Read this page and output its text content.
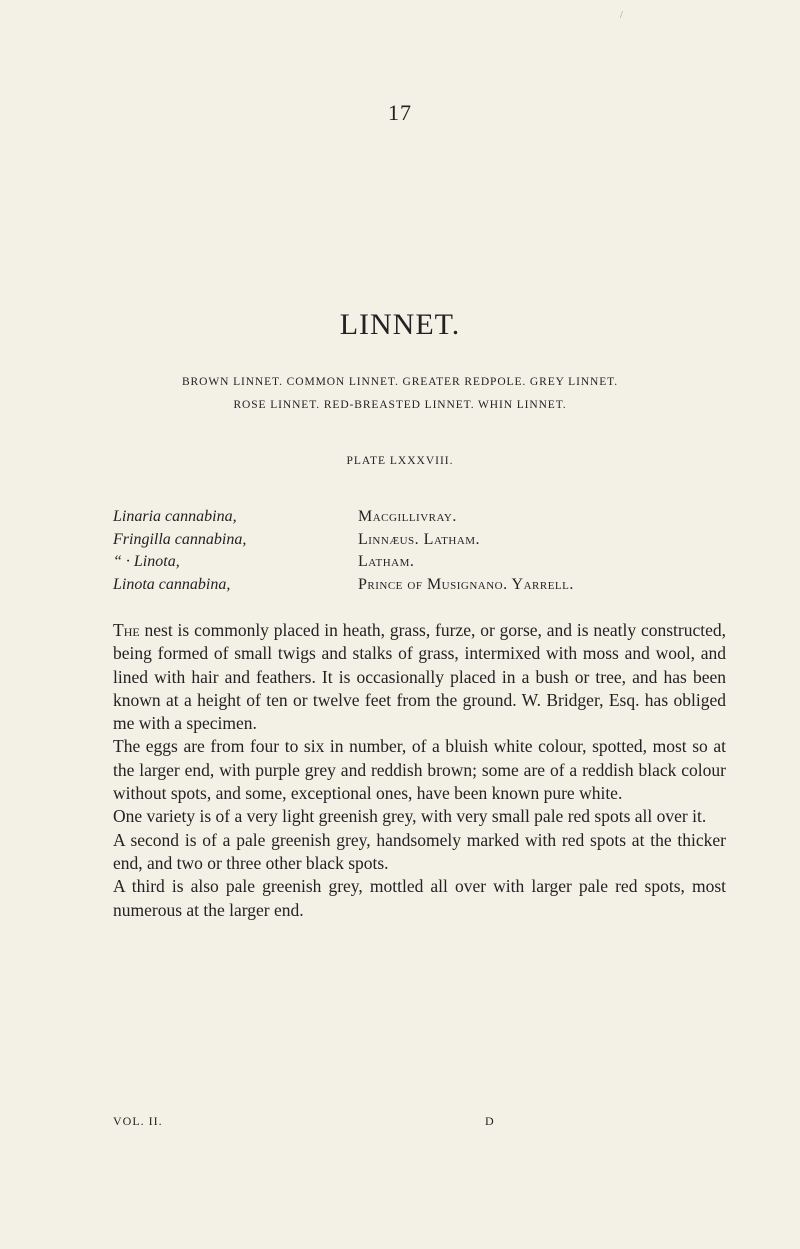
/
17
LINNET.
BROWN LINNET. COMMON LINNET. GREATER REDPOLE. GREY LINNET.
ROSE LINNET. RED-BREASTED LINNET. WHIN LINNET.
PLATE LXXXVIII.
Linaria cannabina,	Macgillivray.
Fringilla cannabina,	Linnæus. Latham.
“ · Linota,	Latham.
Linota cannabina,	Prince of Musignano. Yarrell.

The nest is commonly placed in heath, grass, furze, or gorse, and is neatly constructed, being formed of small twigs and stalks of grass, intermixed with moss and wool, and lined with hair and feathers. It is occasionally placed in a bush or tree, and has been known at a height of ten or twelve feet from the ground. W. Bridger, Esq. has obliged me with a specimen.

The eggs are from four to six in number, of a bluish white colour, spotted, most so at the larger end, with purple grey and reddish brown; some are of a reddish black colour without spots, and some, exceptional ones, have been known pure white.

One variety is of a very light greenish grey, with very small pale red spots all over it.

A second is of a pale greenish grey, handsomely marked with red spots at the thicker end, and two or three other black spots.

A third is also pale greenish grey, mottled all over with larger pale red spots, most numerous at the larger end.

VOL. II.	D
